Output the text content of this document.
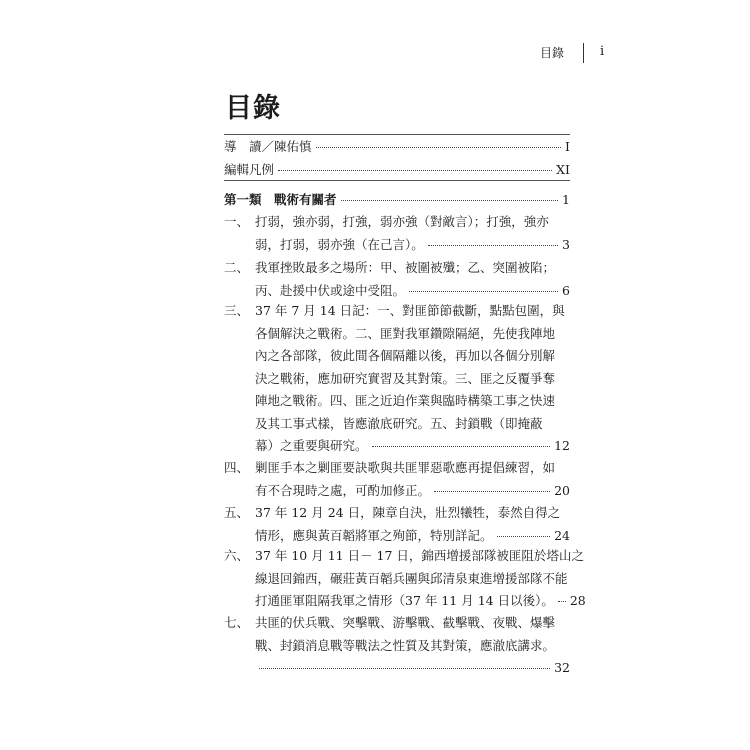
目錄	i
目錄
導　讀／陳佑慎	I
編輯凡例	XI
第一類　戰術有關者	1
一、 打弱，強亦弱，打強，弱亦強（對敵言）；打強，強亦
弱，打弱，弱亦強（在己言）。	3
二、 我軍挫敗最多之場所：甲、被圍被殲；乙、突圍被陷；
丙、赴援中伏或途中受阻。	6
三、 37 年 7 月 14 日記：一、對匪節節截斷，點點包圍，與
各個解決之戰術。二、匪對我軍鑽隙隔絕，先使我陣地
內之各部隊，彼此間各個隔離以後，再加以各個分別解
決之戰術，應加研究實習及其對策。三、匪之反覆爭奪
陣地之戰術。四、匪之近迫作業與臨時構築工事之快速
及其工事式樣，皆應澈底研究。五、封鎖戰（即掩蔽
幕）之重要與研究。	12
四、 剿匪手本之剿匪要訣歌與共匪罪惡歌應再提倡練習，如
有不合現時之處，可酌加修正。	20
五、 37 年 12 月 24 日，陳章自決，壯烈犧牲，泰然自得之
情形，應與黃百韜將軍之殉節，特別詳記。	24
六、 37 年 10 月 11 日－ 17 日，錦西增援部隊被匪阻於塔山之
線退回錦西，碾莊黃百韜兵團與邱清泉東進增援部隊不能
打通匪軍阻隔我軍之情形（37 年 11 月 14 日以後）。 28
七、 共匪的伏兵戰、突擊戰、游擊戰、截擊戰、夜戰、爆擊
戰、封鎖消息戰等戰法之性質及其對策，應澈底講求。
32
